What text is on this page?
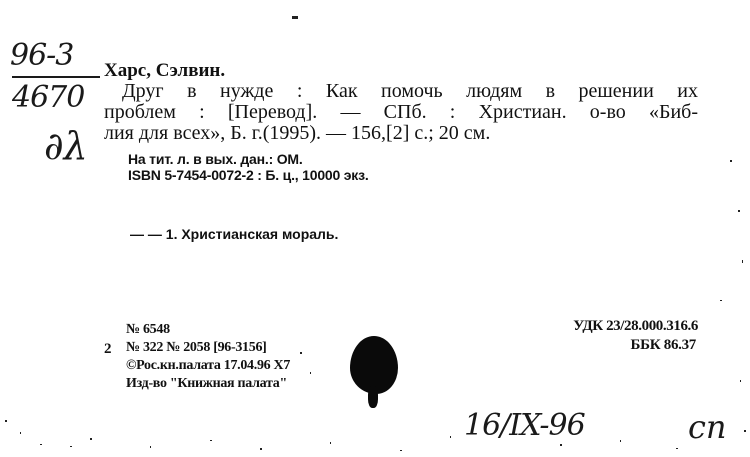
96-3
4670
∂λ
Харс, Сэлвин.
Друг в нужде : Как помочь людям в решении их
проблем : [Перевод]. — СПб. : Христиан. о-во «Биб-
лия для всех», Б. г.(1995). — 156,[2] с.; 20 см.
На тит. л. в вых. дан.: ОМ.
ISBN 5-7454-0072-2 : Б. ц., 10000 экз.
— — 1. Христианская мораль.
№ 6548
2 № 322 № 2058 [96-3156]
©Рос.кн.палата 17.04.96 Х7
Изд-во "Книжная палата"
УДК 23/28.000.316.6
ББК 86.37
16/IX-96	сп
